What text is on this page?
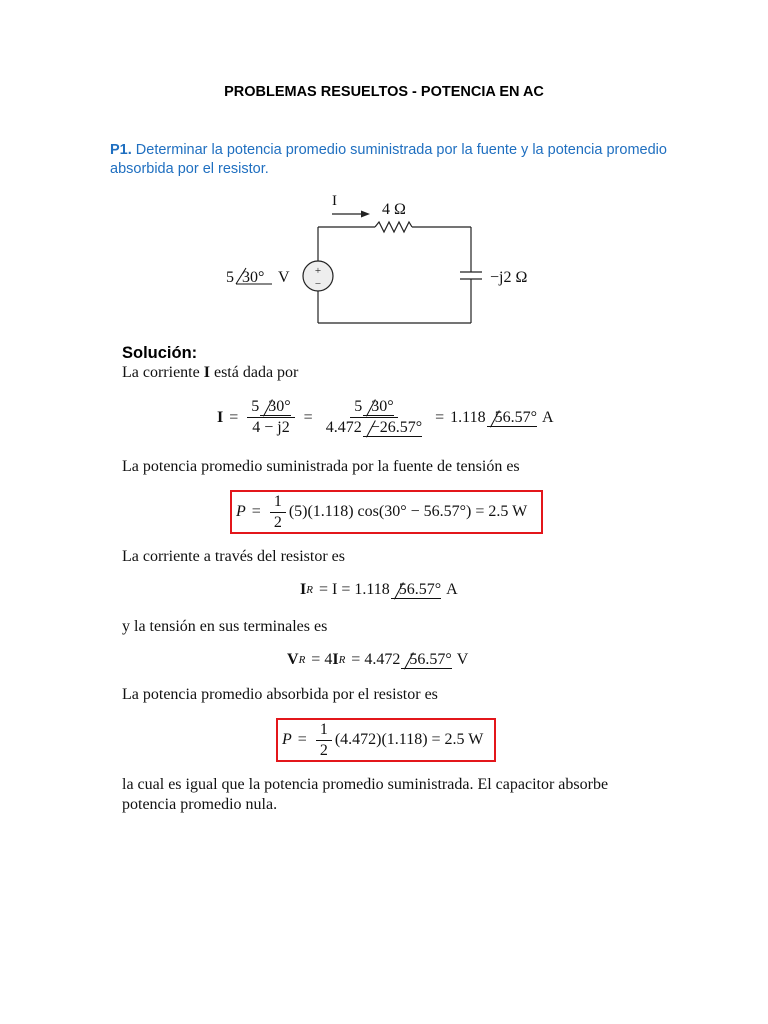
PROBLEMAS RESUELTOS - POTENCIA EN AC
P1. Determinar la potencia promedio suministrada por la fuente y la potencia promedio absorbida por el resistor.
+
−
I	4 Ω
−j2 Ω
5 30° V
Solución:
La corriente I está dada por
$I = \frac{5 30^\circ}{4 - j2} = \frac{5 30^\circ}{4.472 -26.57^\circ} = 1.118$ 56.57° A
La potencia promedio suministrada por la fuente de tensión es
$P = \frac{1}{2} (5)(1.118) \cos(30^\circ - 56.57^\circ) = 2.5$ W
La corriente a través del resistor es
I R = I = 1.118 56.57° A
y la tensión en sus terminales es
V R = 4 I R = 4.472 56.57° V
La potencia promedio absorbida por el resistor es
$P = \frac{1}{2} (4.472)(1.118) = 2.5$ W
la cual es igual que la potencia promedio suministrada. El capacitor absorbe
potencia promedio nula.
